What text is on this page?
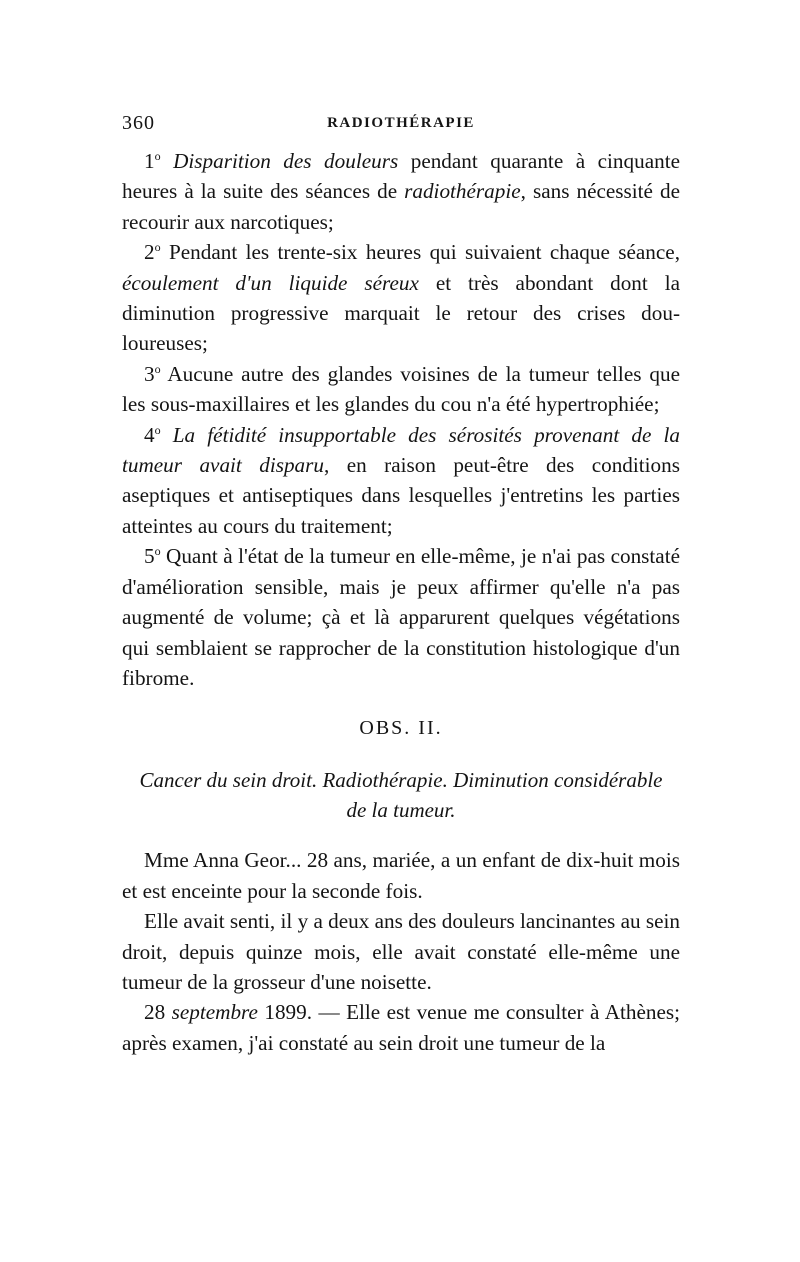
360	RADIOTHÉRAPIE

1$^o$ Disparition des douleurs pendant quarante à cinquante heures à la suite des séances de radiothérapie, sans nécessité de recourir aux narcotiques;

2$^o$ Pendant les trente-six heures qui suivaient chaque séance, écoulement d'un liquide séreux et très abondant dont la diminution progressive marquait le retour des crises douloureuses;

3$^o$ Aucune autre des glandes voisines de la tumeur telles que les sous-maxillaires et les glandes du cou n'a été hypertrophiée;

4$^o$ La fétidité insupportable des sérosités provenant de la tumeur avait disparu, en raison peut-être des conditions aseptiques et antiseptiques dans lesquelles j'entretins les parties atteintes au cours du traitement;

5$^o$ Quant à l'état de la tumeur en elle-même, je n'ai pas constaté d'amélioration sensible, mais je peux affirmer qu'elle n'a pas augmenté de volume; çà et là apparurent quelques végétations qui semblaient se rapprocher de la constitution histologique d'un fibrome.

OBS. II.

Cancer du sein droit. Radiothérapie. Diminution considérable

de la tumeur.

Mme Anna Geor... 28 ans, mariée, a un enfant de dix-huit mois et est enceinte pour la seconde fois.

Elle avait senti, il y a deux ans des douleurs lancinantes au sein droit, depuis quinze mois, elle avait constaté elle-même une tumeur de la grosseur d'une noisette.

28 septembre 1899. — Elle est venue me consulter à Athènes; après examen, j'ai constaté au sein droit une tumeur de la
